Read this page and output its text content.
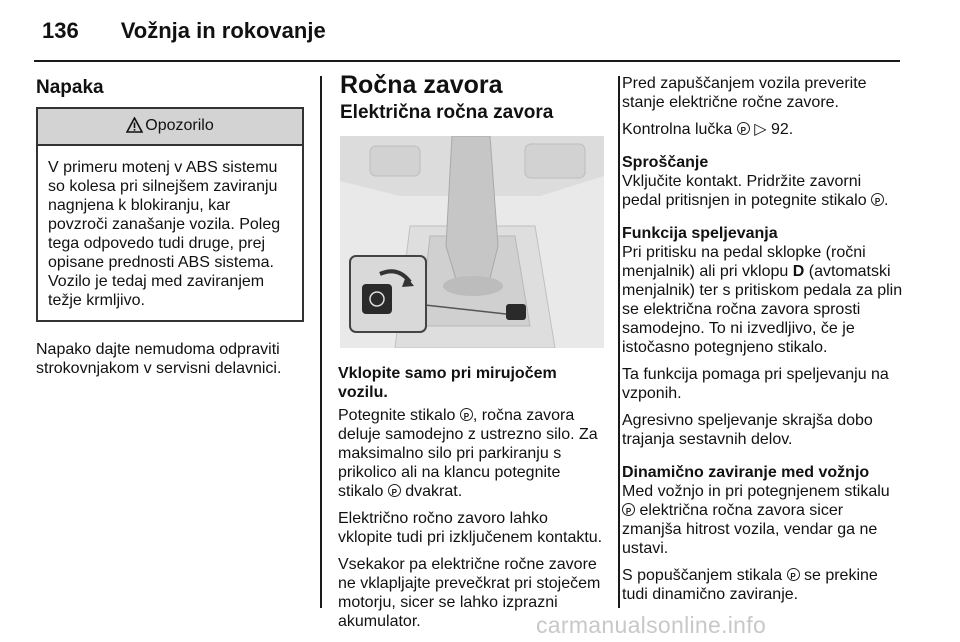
136 Vožnja in rokovanje
Napaka
Opozorilo
V primeru motenj v ABS sistemu so kolesa pri silnejšem zaviranju nagnjena k blokiranju, kar povzroči zanašanje vozila. Poleg tega odpovedo tudi druge, prej opisane prednosti ABS sistema. Vozilo je tedaj med zaviranjem težje krmljivo.

Napako dajte nemudoma odpraviti strokovnjakom v servisni delavnici.

Ročna zavora
Električna ročna zavora

Vklopite samo pri mirujočem vozilu.

Potegnite stikalo P, ročna zavora deluje samodejno z ustrezno silo. Za maksimalno silo pri parkiranju s prikolico ali na klancu potegnite stikalo P dvakrat.

Električno ročno zavoro lahko vklopite tudi pri izključenem kontaktu.

Vsekakor pa električne ročne zavore ne vklapljajte prevečkrat pri stoječem motorju, sicer se lahko izprazni akumulator.

Pred zapuščanjem vozila preverite stanje električne ročne zavore.

Kontrolna lučka P ▷ 92.

Sproščanje
Vključite kontakt. Pridržite zavorni pedal pritisnjen in potegnite stikalo P.

Funkcija speljevanja
Pri pritisku na pedal sklopke (ročni menjalnik) ali pri vklopu D (avtomatski menjalnik) ter s pritiskom pedala za plin se električna ročna zavora sprosti samodejno. To ni izvedljivo, če je istočasno potegnjeno stikalo.

Ta funkcija pomaga pri speljevanju na vzponih.

Agresivno speljevanje skrajša dobo trajanja sestavnih delov.

Dinamično zaviranje med vožnjo
Med vožnjo in pri potegnjenem stikalu P električna ročna zavora sicer zmanjša hitrost vozila, vendar ga ne ustavi.

S popuščanjem stikala P se prekine tudi dinamično zaviranje.

carmanualsonline.info
